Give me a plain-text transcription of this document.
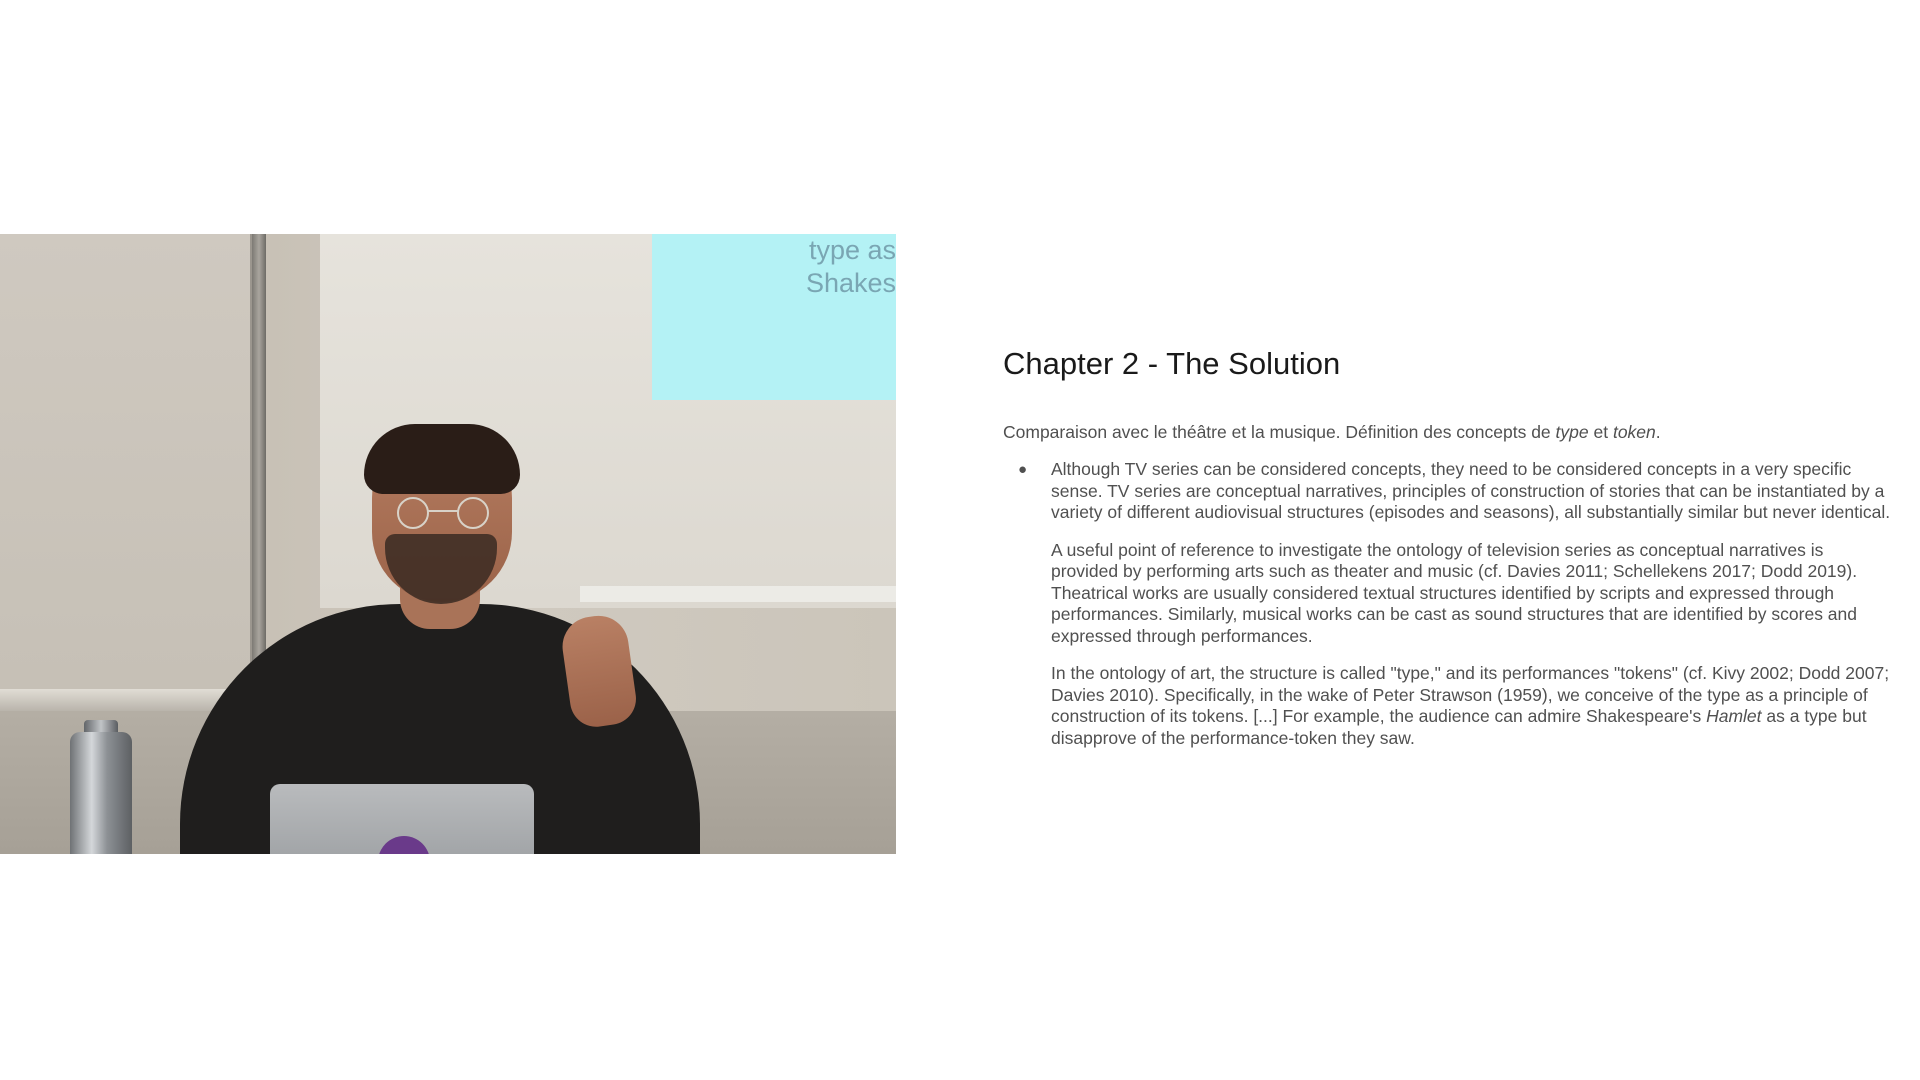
type as
Shakes
Chapter 2 - The Solution

Comparaison avec le théâtre et la musique. Définition des concepts de type et token.

● Although TV series can be considered concepts, they need to be considered concepts in a very specific sense. TV series are conceptual narratives, principles of construction of stories that can be instantiated by a variety of different audiovisual structures (episodes and seasons), all substantially similar but never identical.

A useful point of reference to investigate the ontology of television series as conceptual narratives is provided by performing arts such as theater and music (cf. Davies 2011; Schellekens 2017; Dodd 2019). Theatrical works are usually considered textual structures identified by scripts and expressed through performances. Similarly, musical works can be cast as sound structures that are identified by scores and expressed through performances.

In the ontology of art, the structure is called "type," and its performances "tokens" (cf. Kivy 2002; Dodd 2007; Davies 2010). Specifically, in the wake of Peter Strawson (1959), we conceive of the type as a principle of construction of its tokens. [...] For example, the audience can admire Shakespeare's Hamlet as a type but disapprove of the performance-token they saw.
